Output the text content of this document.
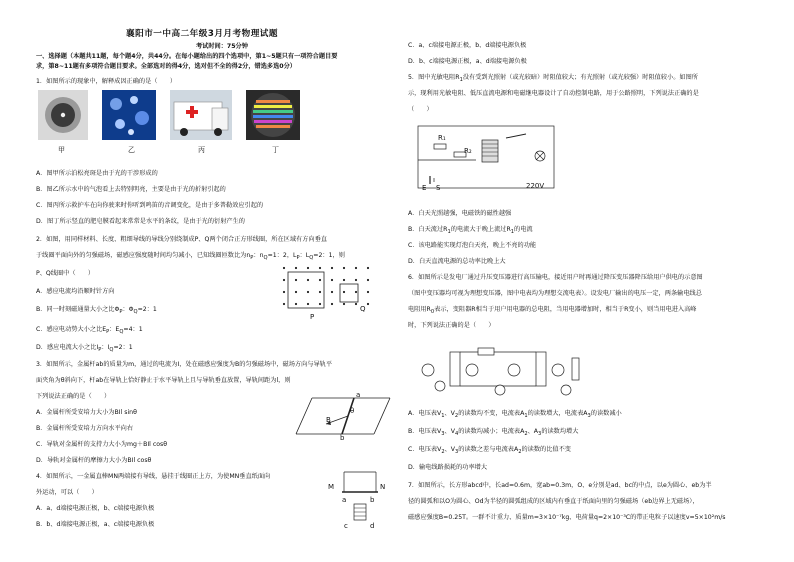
襄阳市一中高二年级3月月考物理试题
考试时间：75分钟
一、选择题（本题共11题，每个题4分，共44分。在每小题给出的四个选项中，第1~5题只有一项符合题目要
求，第8~11题有多项符合题目要求。全部选对的得4分，选对但不全的得2分，错选多选0分）
1．如图所示的现象中，解释成因正确的是（　　）
甲	乙	丙	丁
A．图甲所示泊松亮斑是由于光的干涉形成的
B．图乙所示水中的气泡看上去特别明亮，主要是由于光的折射引起的
C．图丙所示救护车在向你驶来时你听到鸣笛的音调变化，是由于多普勒效应引起的
D．图丁所示竖直的肥皂膜看起来常常是水平的条纹，是由于光的衍射产生的
2．如图，用同样材料、长度、粗细导线的导线分别绕制成P、Q两个闭合正方形线圈，所在区域有方向垂直
于线圈平面向外的匀强磁场，磁感应强度随时间均匀减小，已知线圈匝数比为$n_P$：$n_Q=1$：2，$L_P$：$L_Q=2$：1，则
P、Q线圈中（　　）
P
Q
A．感应电流均沿顺时针方向
B．同一时刻磁通量大小之比$\Phi_P$：$\Phi_Q=2$：1
C．感应电动势大小之比$E_P$：$E_Q=4$：1
D．感应电流大小之比$I_P$：$I_Q=2$：1
3．如图所示，金属杆ab的质量为m，通过的电流为I，处在磁感应强度为B的匀强磁场中，磁场方向与导轨平
面夹角为θ斜向下，杆ab在导轨上恰好静止于水平导轨上且与导轨垂直放置，导轨间距为l，则
下列说法正确的是（　　）
A．金属杆所受安培力大小为BIl sinθ
B．金属杆所受安培力方向水平向右
C．导轨对金属杆的支持力大小为mg＋BIl cosθ
D．导轨对金属杆的摩擦力大小为BIl cosθ
a
b
θ
B
4．如图所示，一金属直棒MN两端接有导线，悬挂于线圈正上方，为使MN垂直纸面向
外运动，可以（　　）
A．a、d端接电源正极，b、c端接电源负极
B．b、d端接电源正极，a、c端接电源负极
M	N
a	b
c	d
C．a、c端接电源正极，b、d端接电源负极
D．b、c端接电源正极，a、d端接电源负极
5．图中光敏电阻$R_1$没有受到光照射（或光较暗）时阻值较大；有光照射（或光较强）时阻值较小。如图所
示，现利用光敏电阻、低压直流电源和电磁继电器设计了自动控制电路，用于公路照明，下列说法正确的是
（　　）
R₁
R₂
E S	220V
A．白天光照越强，电磁铁的磁性越强
B．白天流过$R_1$的电流大于晚上流过$R_1$的电流
C．该电路能实现灯泡白天亮，晚上不亮的功能
D．白天直流电源的总功率比晚上大
6．如图所示是发电厂通过升压变压器进行高压输电，接近用户时再通过降压变压器降压给用户供电的示意图
（图中变压器均可视为理想变压器，图中电表均为理想交流电表）。设发电厂输出的电压一定，两条输电线总
电阻用$R_0$表示，变阻器R相当于用户用电器的总电阻，当用电器增加时，相当于R变小，则当用电进入高峰
时，下列说法正确的是（　　）
A．电压表$V_1$、$V_2$的读数均不变，电流表$A_1$的读数增大，电流表$A_3$的读数减小
B．电压表$V_3$、$V_4$的读数均减小；电流表$A_2$、$A_3$的读数均增大
C．电压表$V_2$、$V_3$的读数之差与电流表$A_2$的读数的比值不变
D．输电线路损耗的功率增大
7．如图所示，长方形abcd中，长ad=0.6m，宽ab=0.3m，O、e分别是ad、bc的中点，以e为圆心、eb为半
径的圆弧和以O为圆心、Od为半径的圆弧组成的区域内有垂直于纸面向里的匀强磁场（eb边界上无磁场），
磁感应强度B=0.25T。一群不计重力、质量m=3×10⁻⁷kg、电荷量q=2×10⁻³C的带正电粒子以速度v=5×10²m/s
